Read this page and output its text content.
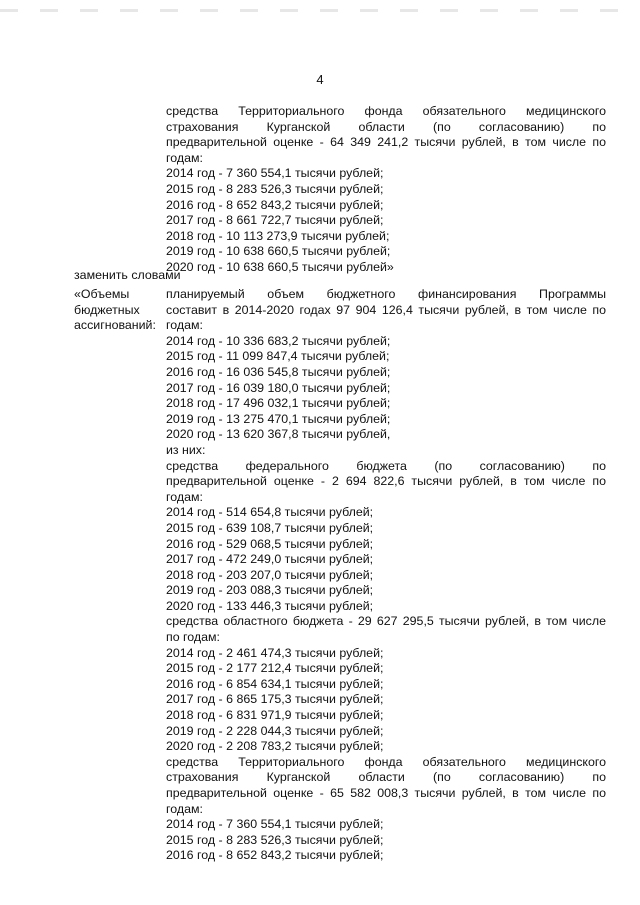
4
средства Территориального фонда обязательного медицинского
страхования Курганской области (по согласованию) по
предварительной оценке - 64 349 241,2 тысячи рублей, в том числе по
годам:
2014 год - 7 360 554,1 тысячи рублей;
2015 год - 8 283 526,3 тысячи рублей;
2016 год - 8 652 843,2 тысячи рублей;
2017 год - 8 661 722,7 тысячи рублей;
2018 год - 10 113 273,9 тысячи рублей;
2019 год - 10 638 660,5 тысячи рублей;
2020 год - 10 638 660,5 тысячи рублей»
заменить словами
«Объемы
бюджетных
ассигнований:
планируемый объем бюджетного финансирования Программы
составит в 2014-2020 годах 97 904 126,4 тысячи рублей, в том числе по
годам:
2014 год - 10 336 683,2 тысячи рублей;
2015 год - 11 099 847,4 тысячи рублей;
2016 год - 16 036 545,8 тысячи рублей;
2017 год - 16 039 180,0 тысячи рублей;
2018 год - 17 496 032,1 тысячи рублей;
2019 год - 13 275 470,1 тысячи рублей;
2020 год - 13 620 367,8 тысячи рублей,
из них:
средства федерального бюджета (по согласованию) по
предварительной оценке - 2 694 822,6 тысячи рублей, в том числе по
годам:
2014 год - 514 654,8 тысячи рублей;
2015 год - 639 108,7 тысячи рублей;
2016 год - 529 068,5 тысячи рублей;
2017 год - 472 249,0 тысячи рублей;
2018 год - 203 207,0 тысячи рублей;
2019 год - 203 088,3 тысячи рублей;
2020 год - 133 446,3 тысячи рублей;
средства областного бюджета - 29 627 295,5 тысячи рублей, в том числе
по годам:
2014 год - 2 461 474,3 тысячи рублей;
2015 год - 2 177 212,4 тысячи рублей;
2016 год - 6 854 634,1 тысячи рублей;
2017 год - 6 865 175,3 тысячи рублей;
2018 год - 6 831 971,9 тысячи рублей;
2019 год - 2 228 044,3 тысячи рублей;
2020 год - 2 208 783,2 тысячи рублей;
средства Территориального фонда обязательного медицинского
страхования Курганской области (по согласованию) по
предварительной оценке - 65 582 008,3 тысячи рублей, в том числе по
годам:
2014 год - 7 360 554,1 тысячи рублей;
2015 год - 8 283 526,3 тысячи рублей;
2016 год - 8 652 843,2 тысячи рублей;
